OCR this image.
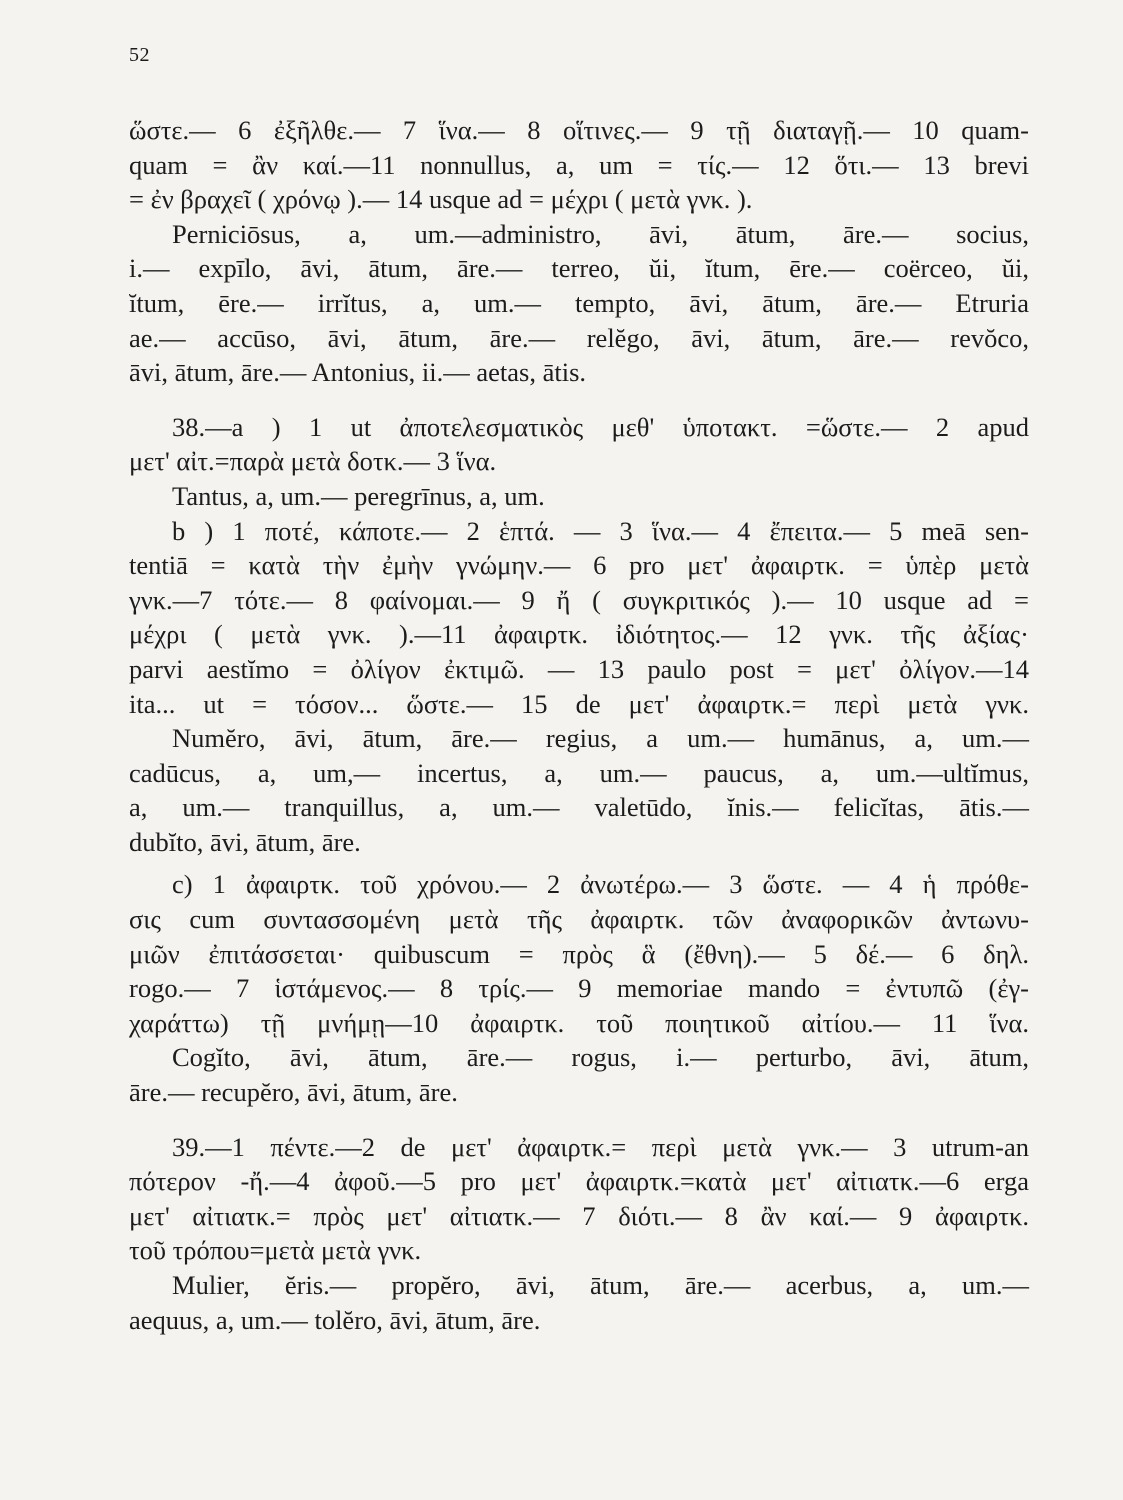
52
ὥστε.— 6 ἐξῆλθε.— 7 ἵνα.— 8 οἵτινες.— 9 τῇ διαταγῇ.— 10 quam-
quam = ἂν καί.—11 nonnullus, a, um = τίς.— 12 ὅτι.— 13 brevi
= ἐν βραχεῖ ( χρόνῳ ).— 14 usque ad = μέχρι ( μετὰ γνκ. ).
Perniciōsus, a, um.—administro, āvi, ātum, āre.— socius,
i.— expīlo, āvi, ātum, āre.— terreo, ŭi, ĭtum, ēre.— coërceo, ŭi,
ĭtum, ēre.— irrĭtus, a, um.— tempto, āvi, ātum, āre.— Etruria
ae.— accūso, āvi, ātum, āre.— relĕgo, āvi, ātum, āre.— revŏco,
āvi, ātum, āre.— Antonius, ii.— aetas, ātis.
38.—a ) 1 ut ἀποτελεσματικὸς μεθ' ὑποτακτ. =ὥστε.— 2 apud
μετ' αἰτ.=παρὰ μετὰ δοτκ.— 3 ἵνα.
Tantus, a, um.— peregrīnus, a, um.
b ) 1 ποτέ, κάποτε.— 2 ἑπτά. — 3 ἵνα.— 4 ἔπειτα.— 5 meā sen-
tentiā = κατὰ τὴν ἐμὴν γνώμην.— 6 pro μετ' ἀφαιρτκ. = ὑπὲρ μετὰ
γνκ.—7 τότε.— 8 φαίνομαι.— 9 ἤ ( συγκριτικός ).— 10 usque ad =
μέχρι ( μετὰ γνκ. ).—11 ἀφαιρτκ. ἰδιότητος.— 12 γνκ. τῆς ἀξίας·
parvi aestĭmo = ὀλίγον ἐκτιμῶ. — 13 paulo post = μετ' ὀλίγον.—14
ita... ut = τόσον... ὥστε.— 15 de μετ' ἀφαιρτκ.= περὶ μετὰ γνκ.
Numĕro, āvi, ātum, āre.— regius, a um.— humānus, a, um.—
cadūcus, a, um,— incertus, a, um.— paucus, a, um.—ultĭmus,
a, um.— tranquillus, a, um.— valetūdo, ĭnis.— felicĭtas, ātis.—
dubĭto, āvi, ātum, āre.
c) 1 ἀφαιρτκ. τοῦ χρόνου.— 2 ἀνωτέρω.— 3 ὥστε. — 4 ἡ πρόθε-
σις cum συντασσομένη μετὰ τῆς ἀφαιρτκ. τῶν ἀναφορικῶν ἀντωνυ-
μιῶν ἐπιτάσσεται· quibuscum = πρὸς ἃ (ἔθνη).— 5 δέ.— 6 δηλ.
rogo.— 7 ἱστάμενος.— 8 τρίς.— 9 memoriae mando = ἐντυπῶ (ἐγ-
χαράττω) τῇ μνήμῃ—10 ἀφαιρτκ. τοῦ ποιητικοῦ αἰτίου.— 11 ἵνα.
Cogĭto, āvi, ātum, āre.— rogus, i.— perturbo, āvi, ātum,
āre.— recupĕro, āvi, ātum, āre.
39.—1 πέντε.—2 de μετ' ἀφαιρτκ.= περὶ μετὰ γνκ.— 3 utrum-an
πότερον -ἤ.—4 ἀφοῦ.—5 pro μετ' ἀφαιρτκ.=κατὰ μετ' αἰτιατκ.—6 erga
μετ' αἰτιατκ.= πρὸς μετ' αἰτιατκ.— 7 διότι.— 8 ἂν καί.— 9 ἀφαιρτκ.
τοῦ τρόπου=μετὰ μετὰ γνκ.
Mulier, ĕris.— propĕro, āvi, ātum, āre.— acerbus, a, um.—
aequus, a, um.— tolĕro, āvi, ātum, āre.
